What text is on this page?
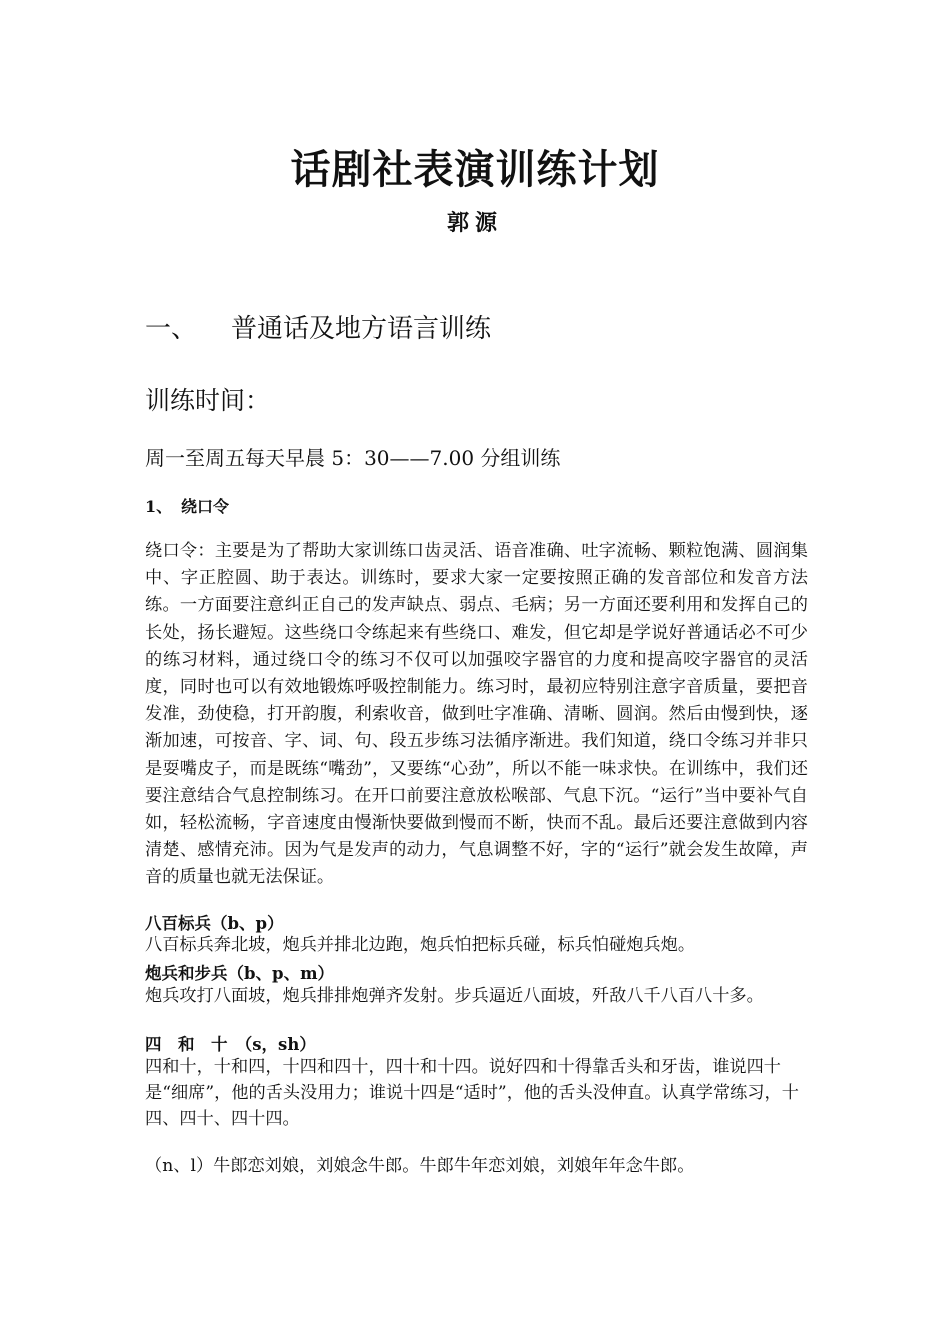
话剧社表演训练计划
郭源
一、 普通话及地方语言训练
训练时间：
周一至周五每天早晨 5：30——7.00 分组训练
1、 绕口令
绕口令：主要是为了帮助大家训练口齿灵活、语音准确、吐字流畅、颗粒饱满、圆润集中、字正腔圆、助于表达。训练时，要求大家一定要按照正确的发音部位和发音方法练。一方面要注意纠正自己的发声缺点、弱点、毛病；另一方面还要利用和发挥自己的长处，扬长避短。这些绕口令练起来有些绕口、难发，但它却是学说好普通话必不可少的练习材料，通过绕口令的练习不仅可以加强咬字器官的力度和提高咬字器官的灵活度，同时也可以有效地锻炼呼吸控制能力。练习时，最初应特别注意字音质量，要把音发准，劲使稳，打开韵腹，利索收音，做到吐字准确、清晰、圆润。然后由慢到快，逐渐加速，可按音、字、词、句、段五步练习法循序渐进。我们知道，绕口令练习并非只是耍嘴皮子，而是既练“嘴劲”，又要练“心劲”，所以不能一味求快。在训练中，我们还要注意结合气息控制练习。在开口前要注意放松喉部、气息下沉。“运行”当中要补气自如，轻松流畅，字音速度由慢渐快要做到慢而不断，快而不乱。最后还要注意做到内容清楚、感情充沛。因为气是发声的动力，气息调整不好，字的“运行”就会发生故障，声音的质量也就无法保证。
八百标兵（b、p）
八百标兵奔北坡，炮兵并排北边跑，炮兵怕把标兵碰，标兵怕碰炮兵炮。
炮兵和步兵（b、p、m）
炮兵攻打八面坡，炮兵排排炮弹齐发射。步兵逼近八面坡，歼敌八千八百八十多。
四　和　十　（s，sh）
四和十，十和四，十四和四十，四十和十四。说好四和十得靠舌头和牙齿，谁说四十是“细席”，他的舌头没用力；谁说十四是“适时”，他的舌头没伸直。认真学常练习，十四、四十、四十四。
（n、l）牛郎恋刘娘，刘娘念牛郎。牛郎牛年恋刘娘，刘娘年年念牛郎。
